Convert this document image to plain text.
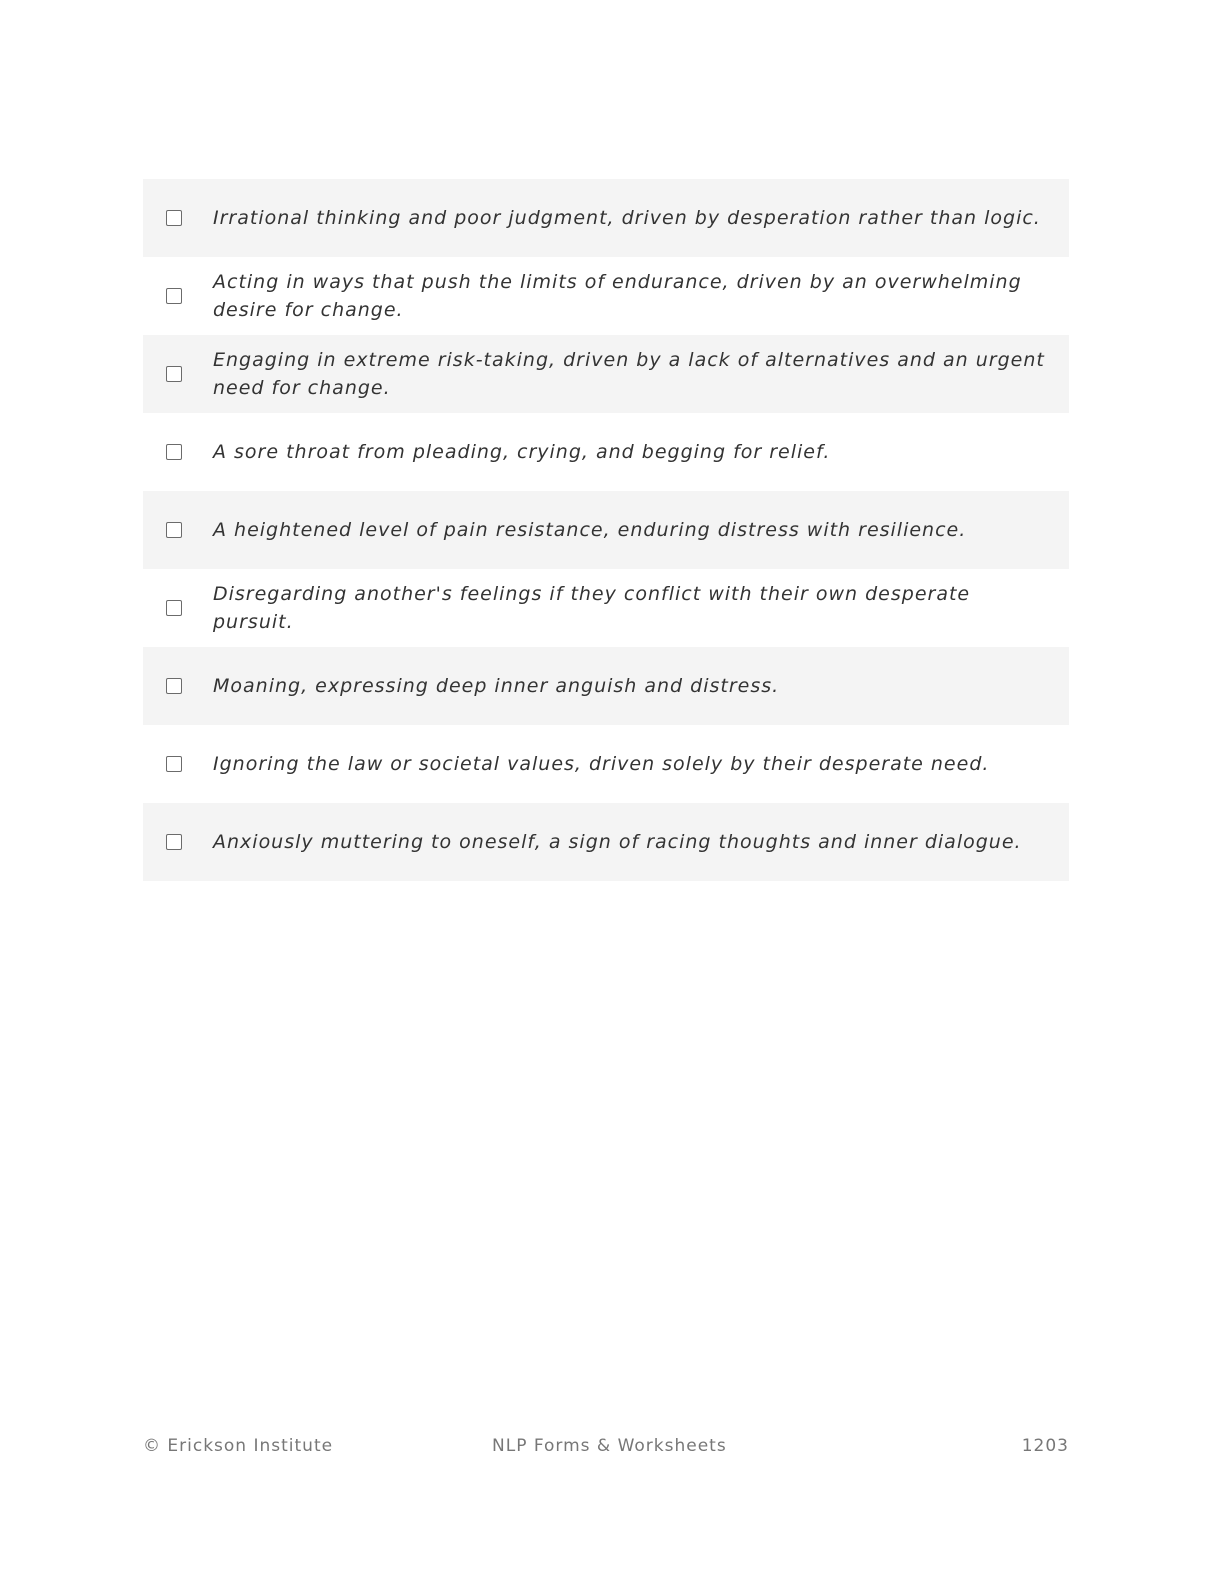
Irrational thinking and poor judgment, driven by desperation rather than logic.
Acting in ways that push the limits of endurance, driven by an overwhelming desire for change.
Engaging in extreme risk-taking, driven by a lack of alternatives and an urgent need for change.
A sore throat from pleading, crying, and begging for relief.
A heightened level of pain resistance, enduring distress with resilience.
Disregarding another's feelings if they conflict with their own desperate pursuit.
Moaning, expressing deep inner anguish and distress.
Ignoring the law or societal values, driven solely by their desperate need.
Anxiously muttering to oneself, a sign of racing thoughts and inner dialogue.
© Erickson Institute	NLP Forms & Worksheets	1203
